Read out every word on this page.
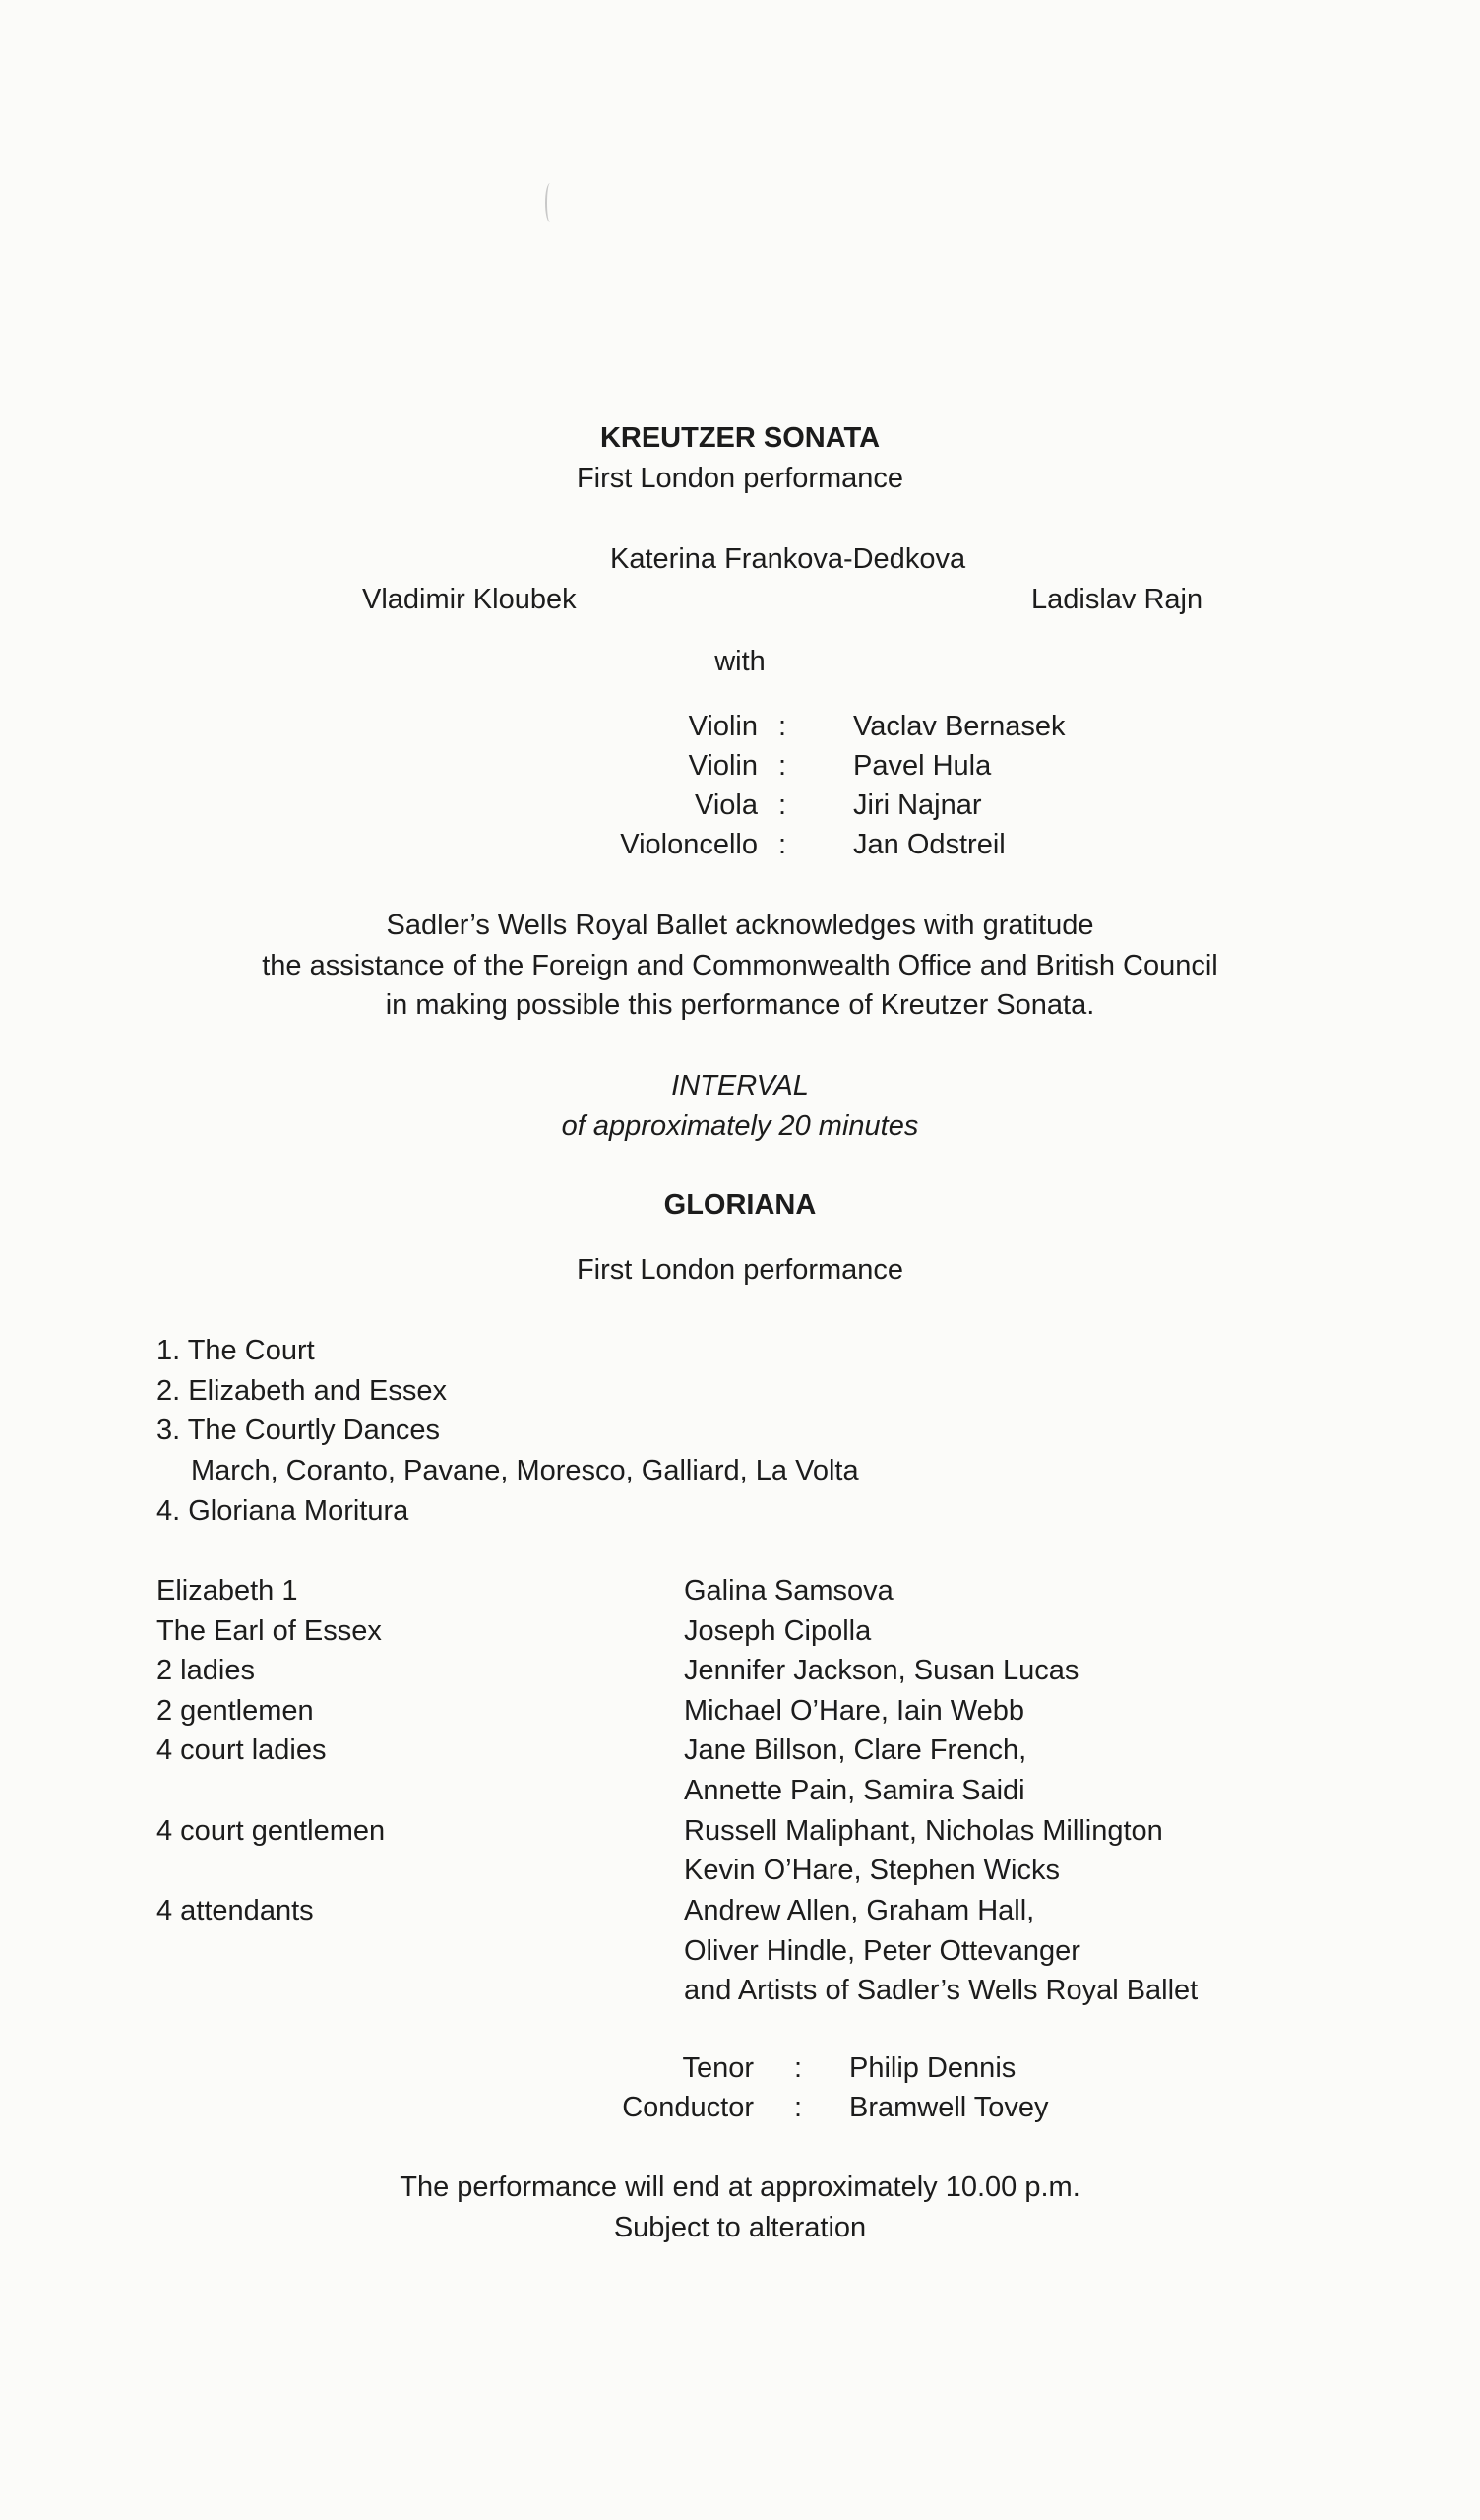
KREUTZER SONATA
First London performance
Katerina Frankova-Dedkova
Vladimir Kloubek	Ladislav Rajn
with
Violin : Vaclav Bernasek
Violin : Pavel Hula
Viola : Jiri Najnar
Violoncello : Jan Odstreil
Sadler’s Wells Royal Ballet acknowledges with gratitude
the assistance of the Foreign and Commonwealth Office and British Council
in making possible this performance of Kreutzer Sonata.
INTERVAL
of approximately 20 minutes
GLORIANA
First London performance
1. The Court
2. Elizabeth and Essex
3. The Courtly Dances
March, Coranto, Pavane, Moresco, Galliard, La Volta
4. Gloriana Moritura
Elizabeth 1	Galina Samsova
The Earl of Essex	Joseph Cipolla
2 ladies	Jennifer Jackson, Susan Lucas
2 gentlemen	Michael O’Hare, Iain Webb
4 court ladies	Jane Billson, Clare French,
Annette Pain, Samira Saidi
4 court gentlemen	Russell Maliphant, Nicholas Millington
Kevin O’Hare, Stephen Wicks
4 attendants	Andrew Allen, Graham Hall,
Oliver Hindle, Peter Ottevanger
and Artists of Sadler’s Wells Royal Ballet
Tenor : Philip Dennis
Conductor : Bramwell Tovey
The performance will end at approximately 10.00 p.m.
Subject to alteration
